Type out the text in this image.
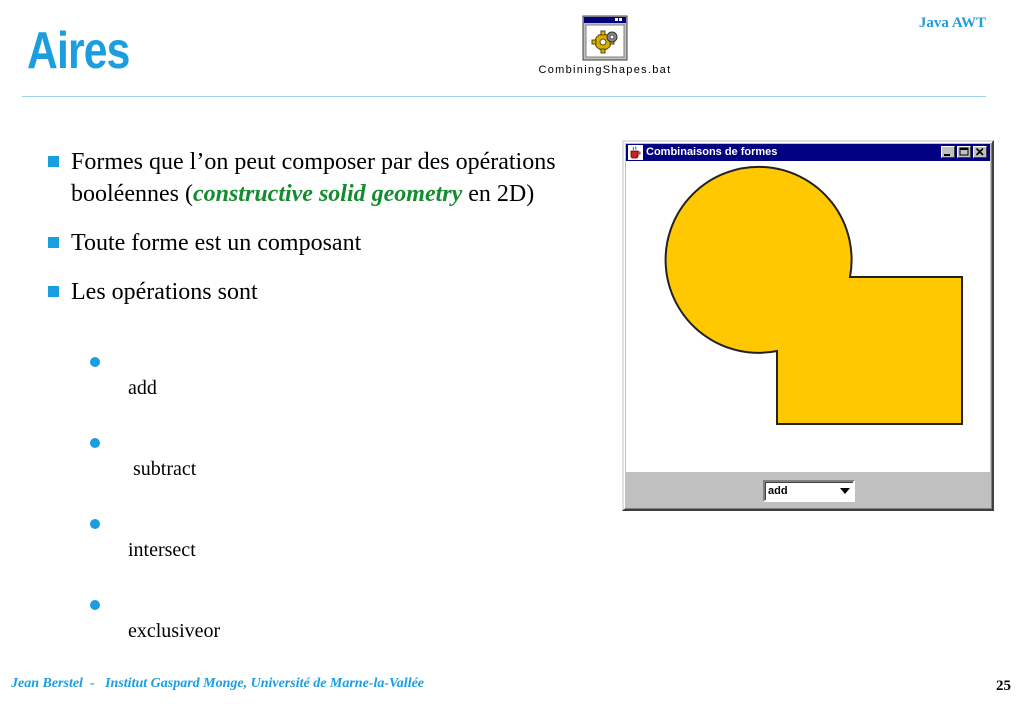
Aires	Java AWT
CombiningShapes.bat
Formes que l’on peut composer par des opérations booléennes (constructive solid geometry en 2D)
Toute forme est un composant
Les opérations sont

add

subtract

intersect

exclusiveor

Combinaisons de formes
add
Jean Berstel  -   Institut Gaspard Monge, Université de Marne-la-Vallée	25
